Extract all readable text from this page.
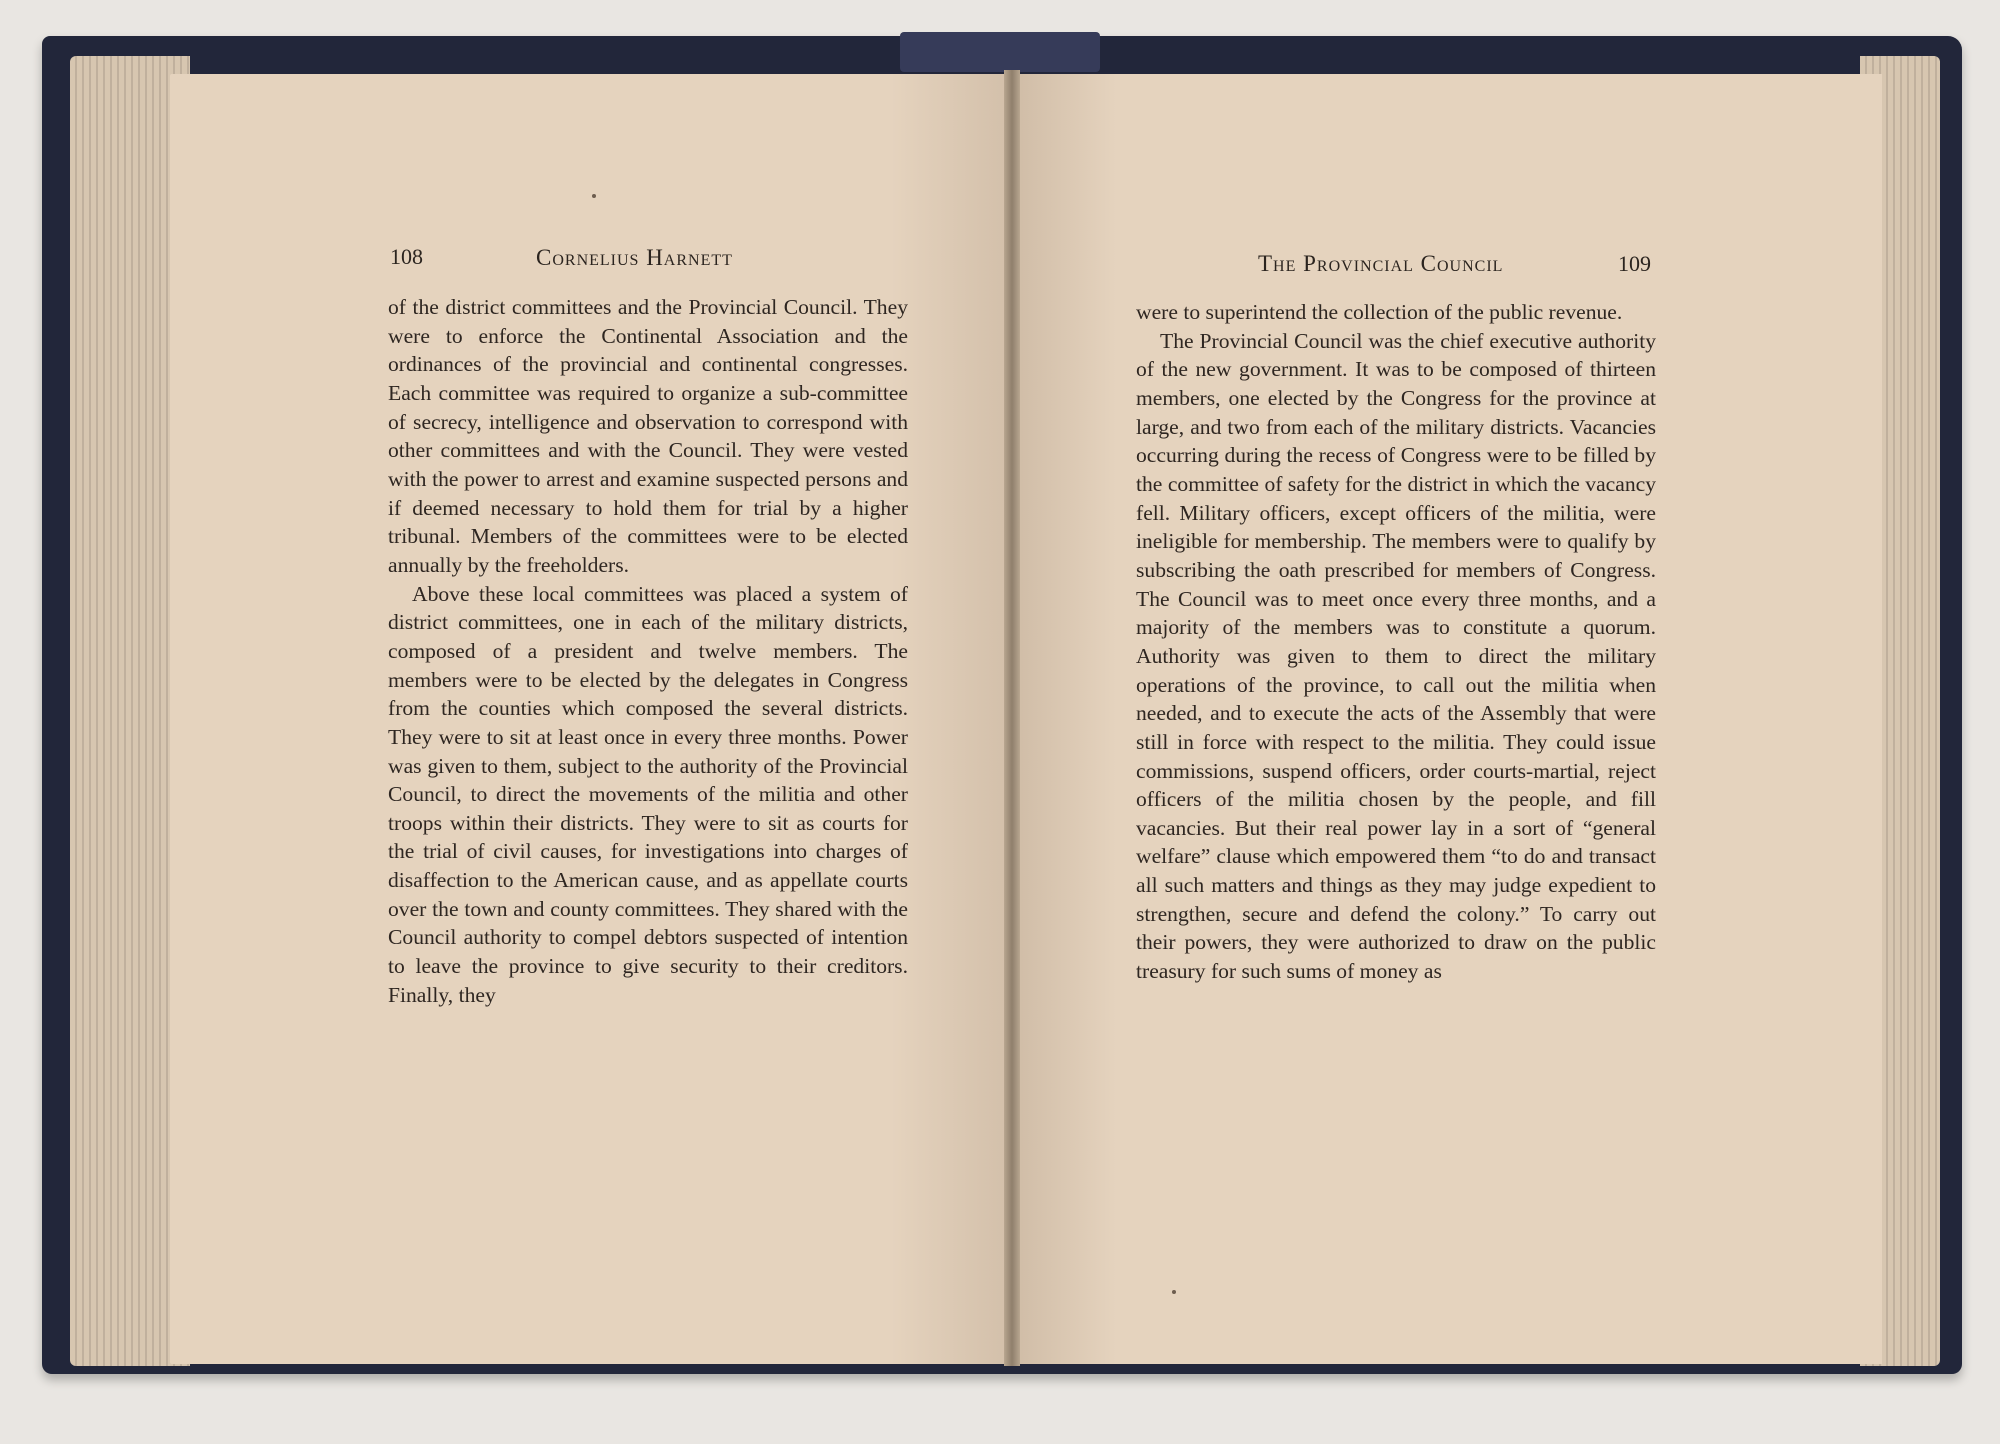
108	Cornelius Harnett

of the district committees and the Provincial Council. They were to enforce the Continental Association and the ordinances of the provincial and continental congresses. Each committee was required to organize a sub-committee of secrecy, intelligence and observation to correspond with other committees and with the Council. They were vested with the power to arrest and examine suspected persons and if deemed necessary to hold them for trial by a higher tribunal. Members of the committees were to be elected annually by the freeholders.

Above these local committees was placed a system of district committees, one in each of the military districts, composed of a president and twelve members. The members were to be elected by the delegates in Congress from the counties which composed the several districts. They were to sit at least once in every three months. Power was given to them, subject to the authority of the Provincial Council, to direct the movements of the militia and other troops within their districts. They were to sit as courts for the trial of civil causes, for investigations into charges of disaffection to the American cause, and as appellate courts over the town and county committees. They shared with the Council authority to compel debtors suspected of intention to leave the province to give security to their creditors. Finally, they

The Provincial Council	109

were to superintend the collection of the public revenue.

The Provincial Council was the chief executive authority of the new government. It was to be composed of thirteen members, one elected by the Congress for the province at large, and two from each of the military districts. Vacancies occurring during the recess of Congress were to be filled by the committee of safety for the district in which the vacancy fell. Military officers, except officers of the militia, were ineligible for membership. The members were to qualify by subscribing the oath prescribed for members of Congress. The Council was to meet once every three months, and a majority of the members was to constitute a quorum. Authority was given to them to direct the military operations of the province, to call out the militia when needed, and to execute the acts of the Assembly that were still in force with respect to the militia. They could issue commissions, suspend officers, order courts-martial, reject officers of the militia chosen by the people, and fill vacancies. But their real power lay in a sort of “general welfare” clause which empowered them “to do and transact all such matters and things as they may judge expedient to strengthen, secure and defend the colony.” To carry out their powers, they were authorized to draw on the public treasury for such sums of money as
